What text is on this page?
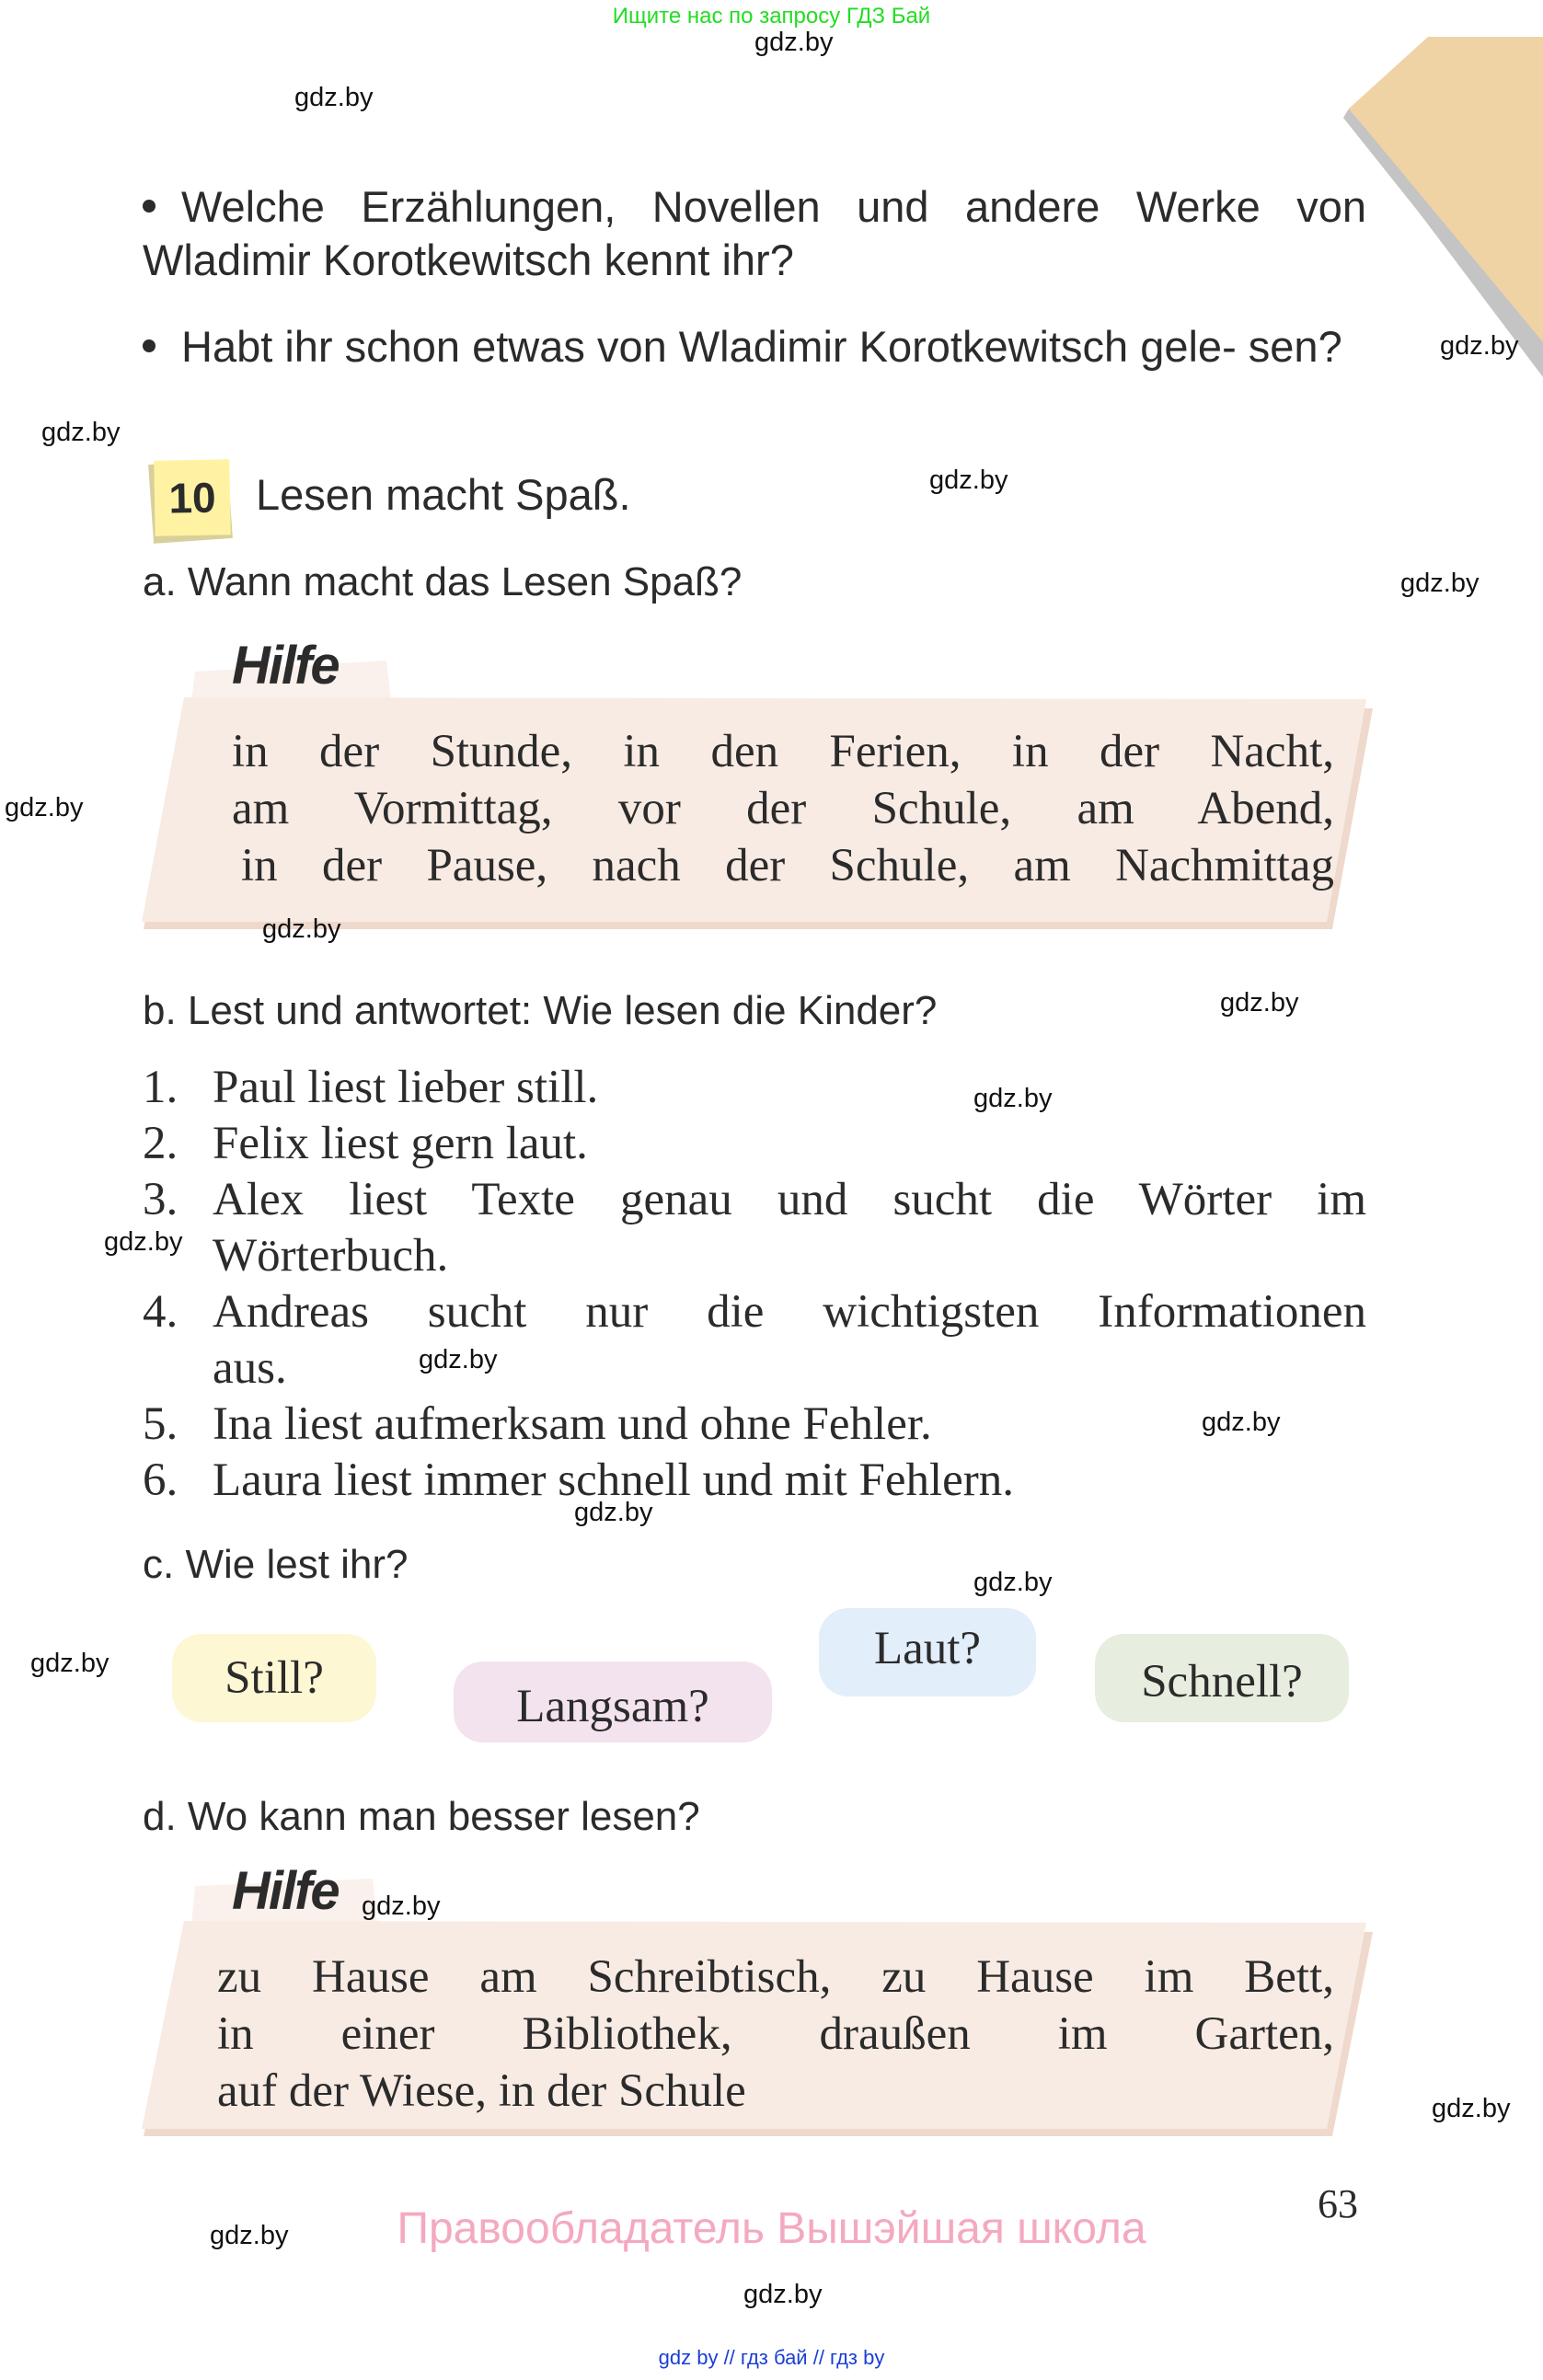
Ищите нас по запросу ГДЗ Бай
Welche Erzählungen, Novellen und andere Werke von Wladimir Korotkewitsch kennt ihr?
Habt ihr schon etwas von Wladimir Korotkewitsch gele- sen?
10 Lesen macht Spaß.
a. Wann macht das Lesen Spaß?
Hilfe
in der Stunde, in den Ferien, in der Nacht,
am Vormittag, vor der Schule, am Abend,
in der Pause, nach der Schule, am Nachmittag
b. Lest und antwortet: Wie lesen die Kinder?
1. Paul liest lieber still.
2. Felix liest gern laut.
3. Alex liest Texte genau und sucht die Wörter im
Wörterbuch.
4. Andreas sucht nur die wichtigsten Informationen
aus.
5. Ina liest aufmerksam und ohne Fehler.
6. Laura liest immer schnell und mit Fehlern.
c. Wie lest ihr?
Still?
Langsam?
Laut?
Schnell?
d. Wo kann man besser lesen?
Hilfe
zu Hause am Schreibtisch, zu Hause im Bett,
in einer Bibliothek, draußen im Garten,
auf der Wiese, in der Schule
63
Правообладатель Вышэйшая школа
gdz by // гдз бай // гдз by
gdz.by
gdz.by
gdz.by
gdz.by
gdz.by
gdz.by
gdz.by
gdz.by
gdz.by
gdz.by
gdz.by
gdz.by
gdz.by
gdz.by
gdz.by
gdz.by
gdz.by
gdz.by
gdz.by
gdz.by
